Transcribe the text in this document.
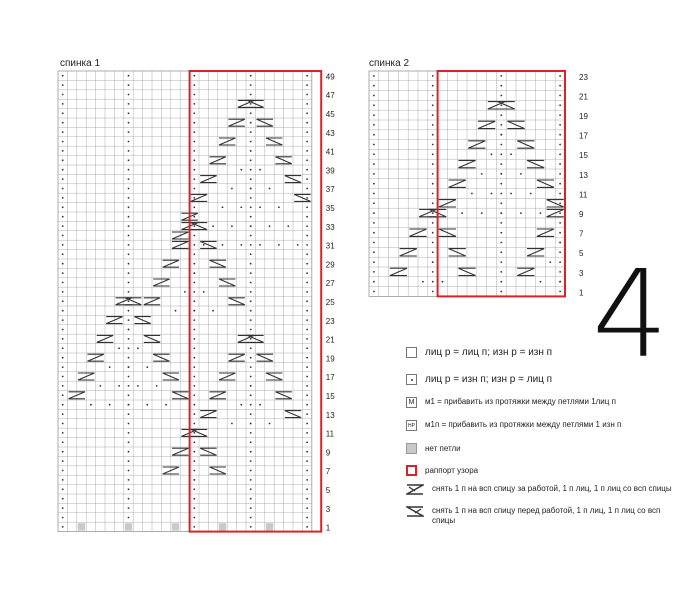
спинка 1	спинка 2
49
47
45
43
41
39
37
35
33
31
29
27
25
23
21
19
17
15
13
11
9
7
5
3
1
23
21
19
17
15
13
11
9
7
5
3
1 4
лиц р = лиц п; изн р = изн п
лиц р = изн п; изн р = лиц п
М	м1 = прибавить из протяжки между петлями 1лиц п
НР м1п = прибавить из протяжки между петлями 1 изн п
нет петли
раппорт узора
снять 1 п на всп спицу за работой, 1 п лиц, 1 п лиц со всп спицы
снять 1 п на всп спицу перед работой, 1 п лиц, 1 п лиц со всп спицы
